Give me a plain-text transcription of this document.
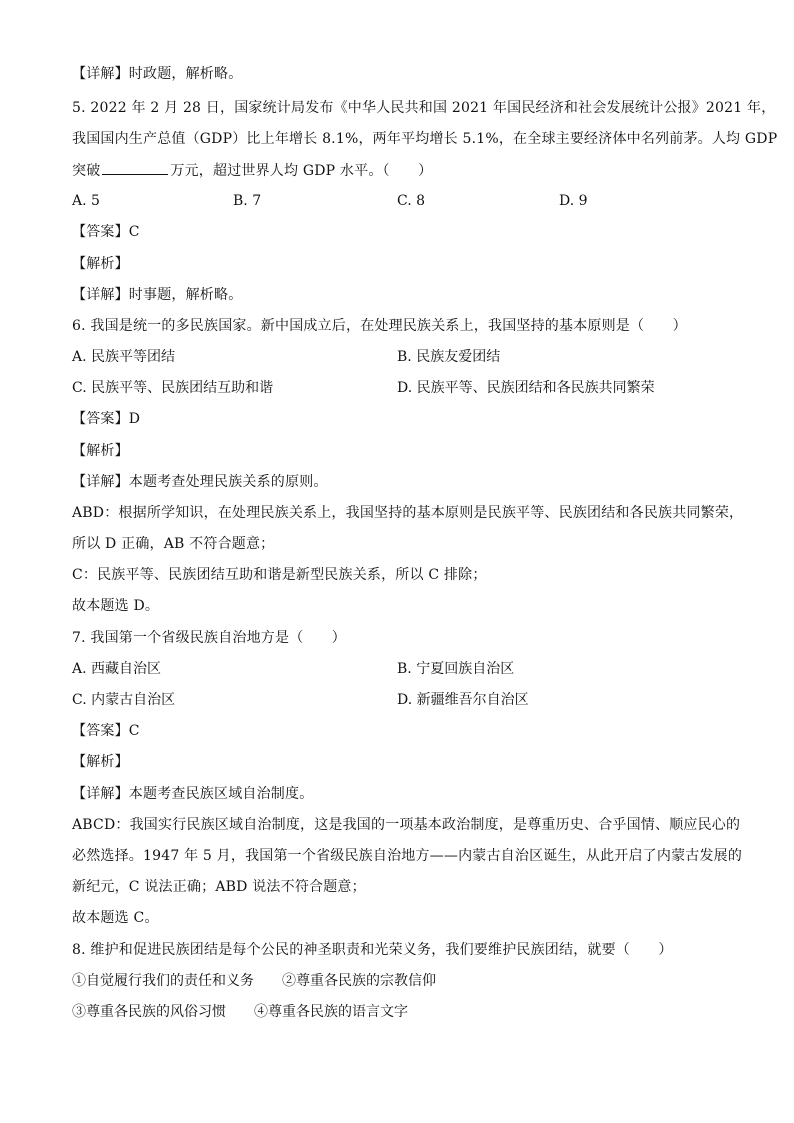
【详解】时政题，解析略。
5. 2022 年 2 月 28 日，国家统计局发布《中华人民共和国 2021 年国民经济和社会发展统计公报》2021 年，
我国国内生产总值（GDP）比上年增长 8.1%，两年平均增长 5.1%，在全球主要经济体中名列前茅。人均 GDP
突破	万元，超过世界人均 GDP 水平。（　　）
A. 5	B. 7	C. 8	D. 9
【答案】C
【解析】
【详解】时事题，解析略。
6. 我国是统一的多民族国家。新中国成立后，在处理民族关系上，我国坚持的基本原则是（　　）
A. 民族平等团结	B. 民族友爱团结
C. 民族平等、民族团结互助和谐	D. 民族平等、民族团结和各民族共同繁荣
【答案】D
【解析】
【详解】本题考查处理民族关系的原则。
ABD：根据所学知识，在处理民族关系上，我国坚持的基本原则是民族平等、民族团结和各民族共同繁荣，
所以 D 正确，AB 不符合题意；
C：民族平等、民族团结互助和谐是新型民族关系，所以 C 排除；
故本题选 D。
7. 我国第一个省级民族自治地方是（　　）
A. 西藏自治区	B. 宁夏回族自治区
C. 内蒙古自治区	D. 新疆维吾尔自治区
【答案】C
【解析】
【详解】本题考查民族区域自治制度。
ABCD：我国实行民族区域自治制度，这是我国的一项基本政治制度，是尊重历史、合乎国情、顺应民心的
必然选择。1947 年 5 月，我国第一个省级民族自治地方——内蒙古自治区诞生，从此开启了内蒙古发展的
新纪元，C 说法正确；ABD 说法不符合题意；
故本题选 C。
8. 维护和促进民族团结是每个公民的神圣职责和光荣义务，我们要维护民族团结，就要（　　）
①自觉履行我们的责任和义务 ②尊重各民族的宗教信仰
③尊重各民族的风俗习惯 ④尊重各民族的语言文字
